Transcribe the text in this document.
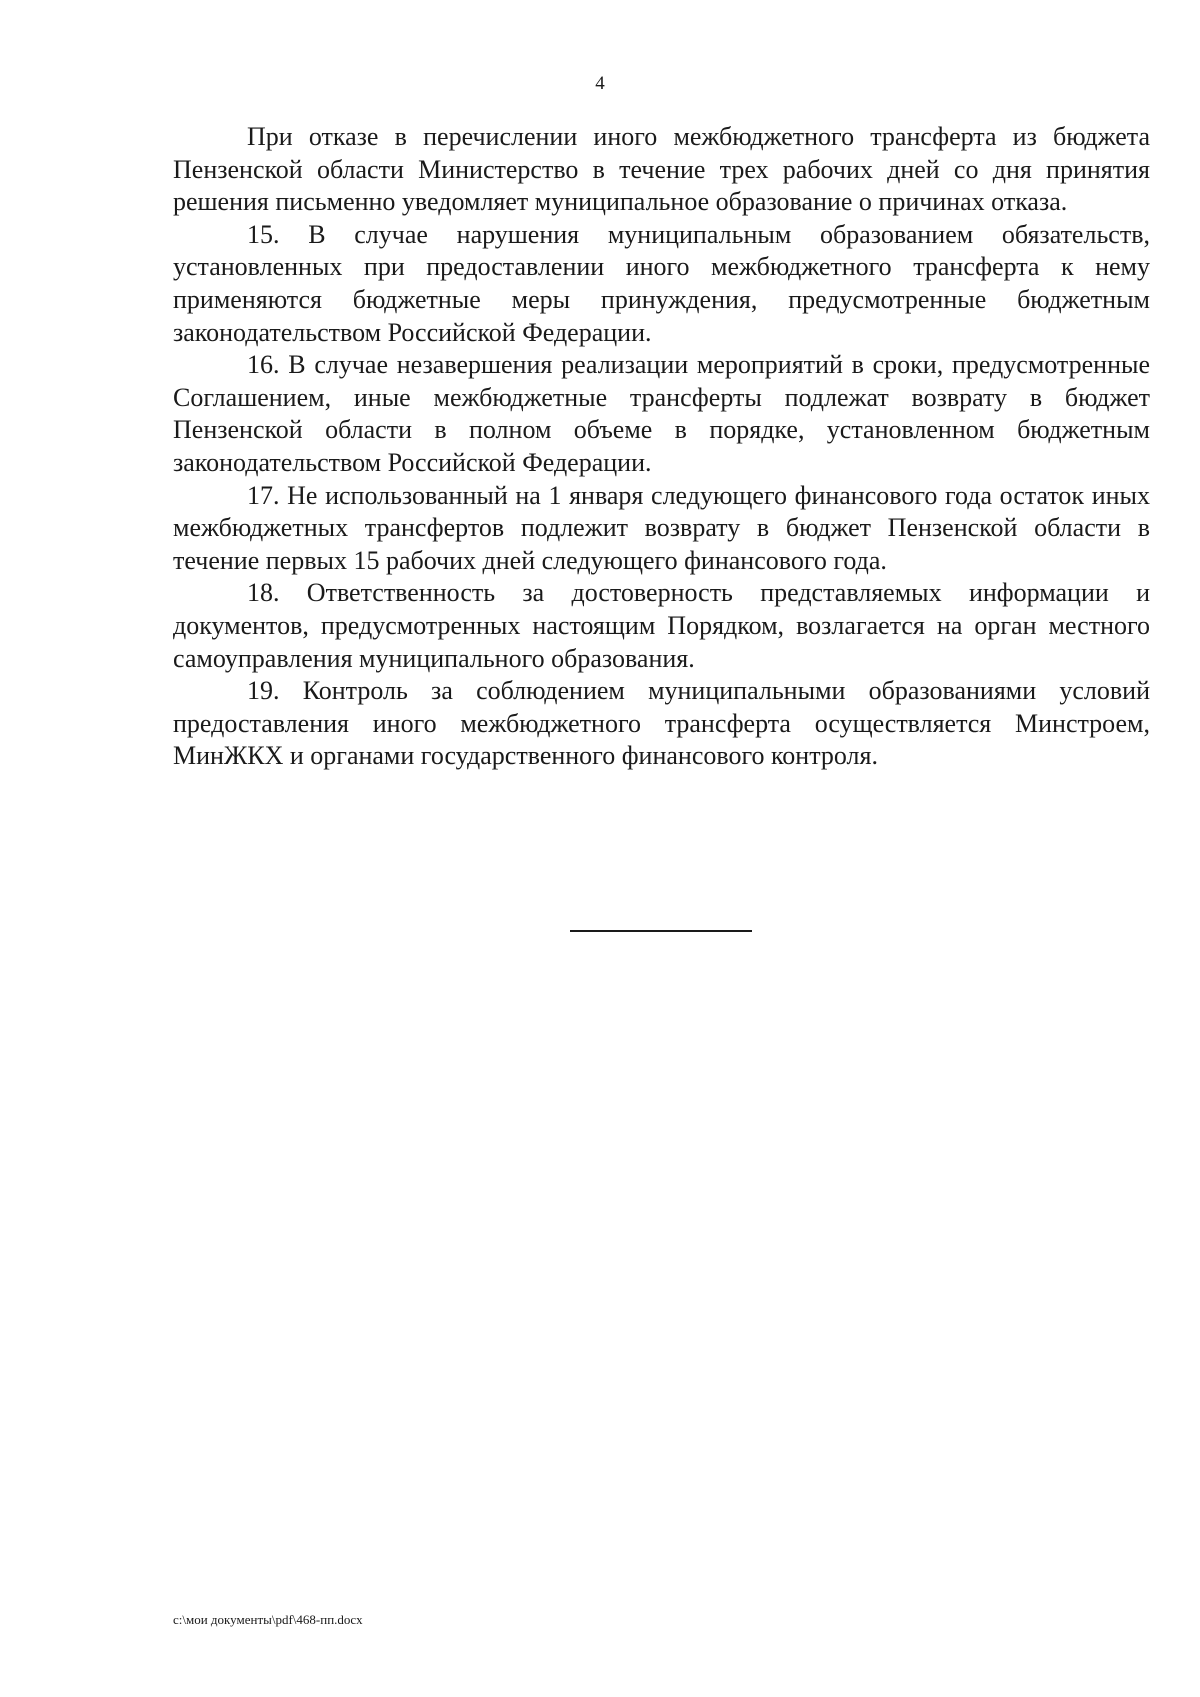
4

При отказе в перечислении иного межбюджетного трансферта из бюджета Пензенской области Министерство в течение трех рабочих дней со дня принятия решения письменно уведомляет муниципальное образование о причинах отказа.

15. В случае нарушения муниципальным образованием обязательств, установленных при предоставлении иного межбюджетного трансферта к нему применяются бюджетные меры принуждения, предусмотренные бюджетным законодательством Российской Федерации.

16. В случае незавершения реализации мероприятий в сроки, предусмотренные Соглашением, иные межбюджетные трансферты подлежат возврату в бюджет Пензенской области в полном объеме в порядке, установленном бюджетным законодательством Российской Федерации.

17. Не использованный на 1 января следующего финансового года остаток иных межбюджетных трансфертов подлежит возврату в бюджет Пензенской области в течение первых 15 рабочих дней следующего финансового года.

18. Ответственность за достоверность представляемых информации и документов, предусмотренных настоящим Порядком, возлагается на орган местного самоуправления муниципального образования.

19. Контроль за соблюдением муниципальными образованиями условий предоставления иного межбюджетного трансферта осуществляется Минстроем, МинЖКХ и органами государственного финансового контроля.

c:\мои документы\pdf\468-пп.docx
